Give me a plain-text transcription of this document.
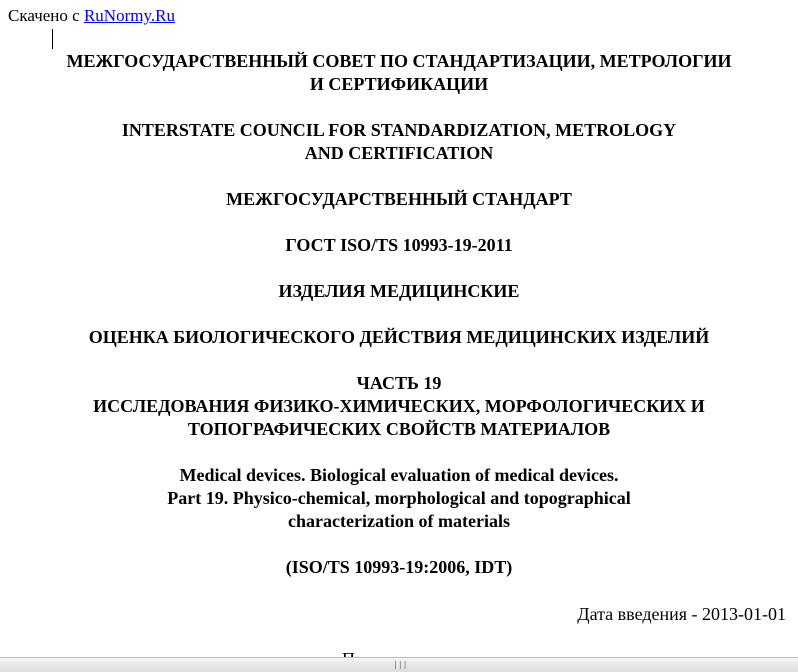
Скачено с RuNormy.Ru
МЕЖГОСУДАРСТВЕННЫЙ СОВЕТ ПО СТАНДАРТИЗАЦИИ, МЕТРОЛОГИИ
И СЕРТИФИКАЦИИ
INTERSTATE COUNCIL FOR STANDARDIZATION, METROLOGY
AND CERTIFICATION
МЕЖГОСУДАРСТВЕННЫЙ СТАНДАРТ
ГОСТ ISO/TS 10993-19-2011
ИЗДЕЛИЯ МЕДИЦИНСКИЕ
ОЦЕНКА БИОЛОГИЧЕСКОГО ДЕЙСТВИЯ МЕДИЦИНСКИХ ИЗДЕЛИЙ
ЧАСТЬ 19
ИССЛЕДОВАНИЯ ФИЗИКО-ХИМИЧЕСКИХ, МОРФОЛОГИЧЕСКИХ И
ТОПОГРАФИЧЕСКИХ СВОЙСТВ МАТЕРИАЛОВ
Medical devices. Biological evaluation of medical devices.
Part 19. Physico-chemical, morphological and topographical
characterization of materials
(ISO/TS 10993-19:2006, IDT)
Дата введения - 2013-01-01
|||
